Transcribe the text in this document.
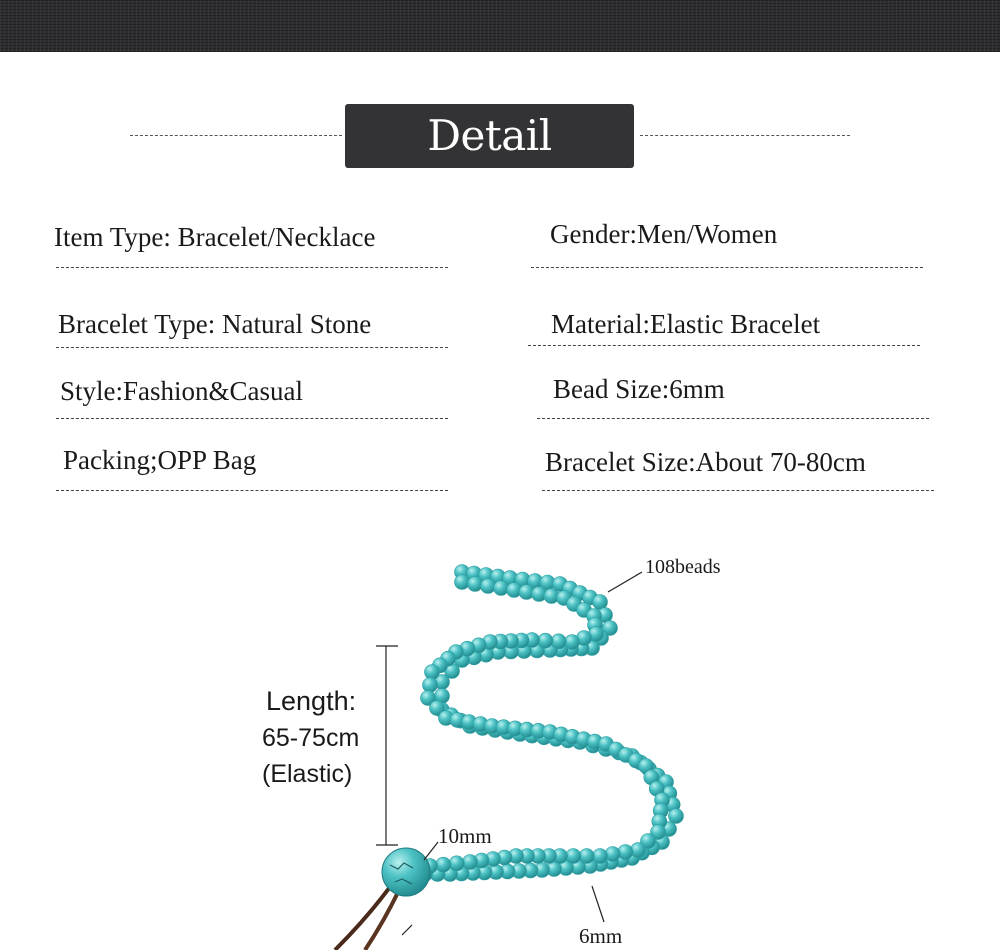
Detail Display
Item Type: Bracelet/Necklace	Gender:Men/Women
Bracelet Type: Natural Stone	Material:Elastic Bracelet
Style:Fashion&Casual	Bead Size:6mm
Packing;OPP Bag	Bracelet Size:About 70-80cm
108beads
Length:
65-75cm
(Elastic)
10mm
6mm
